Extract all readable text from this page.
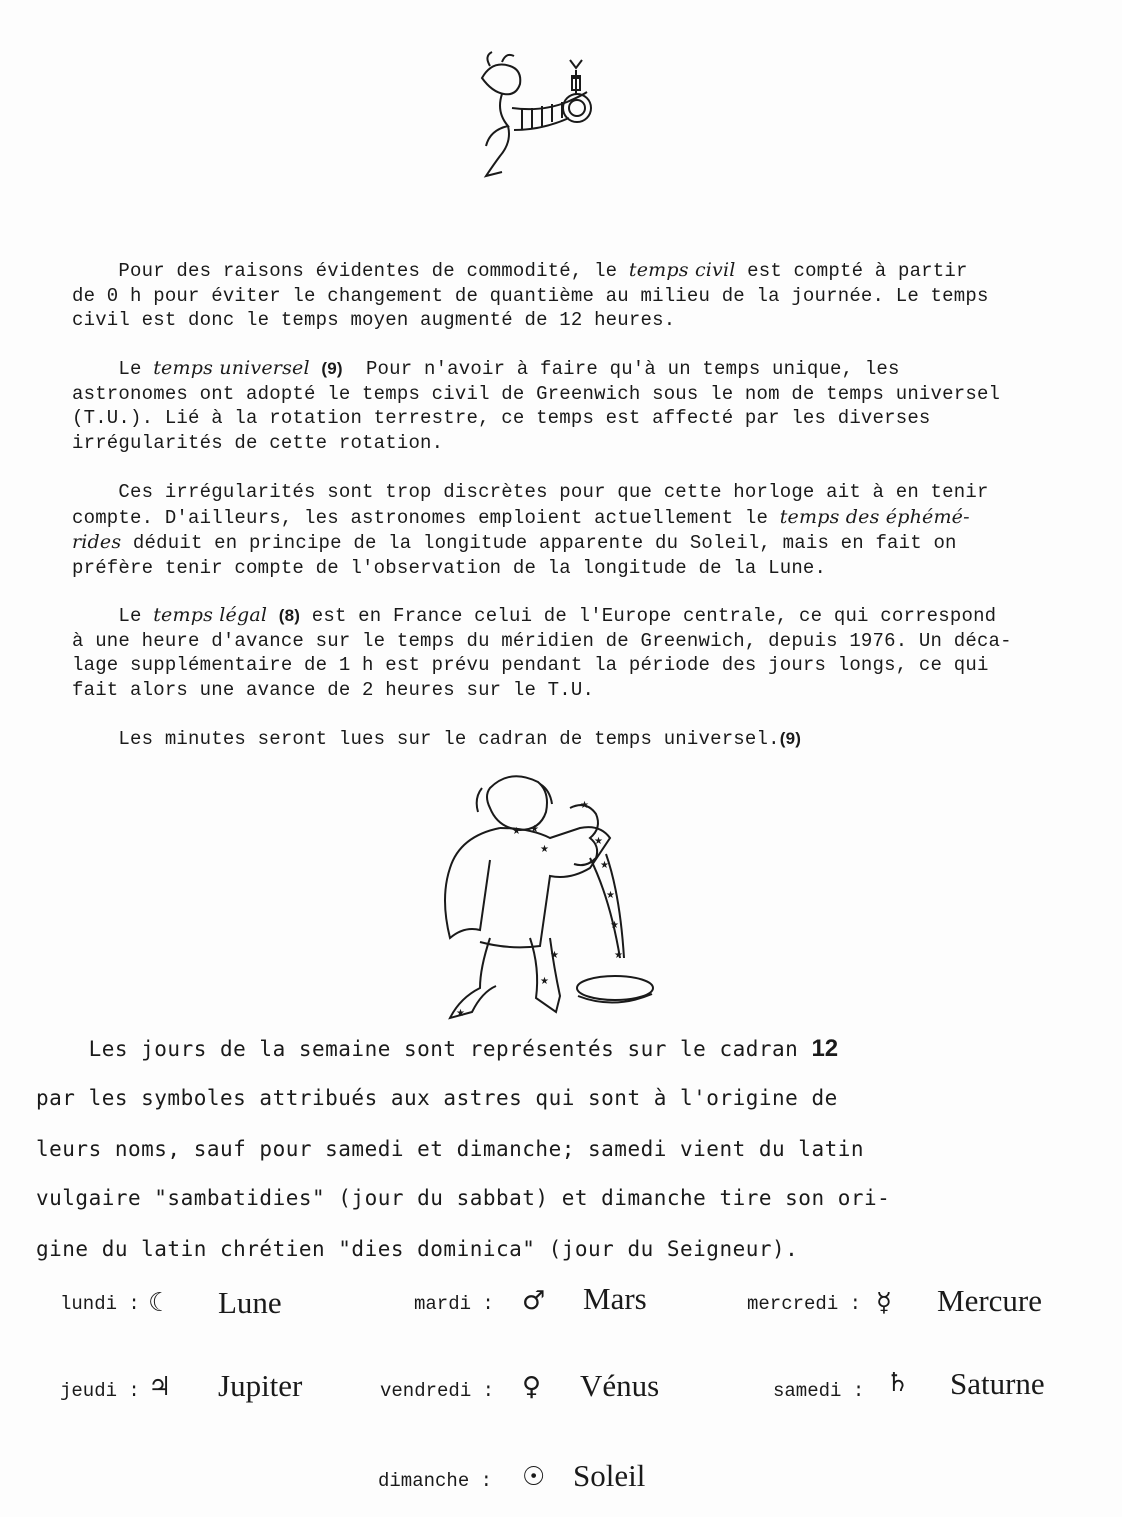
Pour des raisons évidentes de commodité, le temps civil est compté à partir
de 0 h pour éviter le changement de quantième au milieu de la journée. Le temps
civil est donc le temps moyen augmenté de 12 heures.

Le temps universel (9)  Pour n'avoir à faire qu'à un temps unique, les
astronomes ont adopté le temps civil de Greenwich sous le nom de temps universel
(T.U.). Lié à la rotation terrestre, ce temps est affecté par les diverses
irrégularités de cette rotation.

Ces irrégularités sont trop discrètes pour que cette horloge ait à en tenir
compte. D'ailleurs, les astronomes emploient actuellement le temps des éphémé-
rides déduit en principe de la longitude apparente du Soleil, mais en fait on
préfère tenir compte de l'observation de la longitude de la Lune.

Le temps légal (8) est en France celui de l'Europe centrale, ce qui correspond
à une heure d'avance sur le temps du méridien de Greenwich, depuis 1976. Un déca-
lage supplémentaire de 1 h est prévu pendant la période des jours longs, ce qui
fait alors une avance de 2 heures sur le T.U.

Les minutes seront lues sur le cadran de temps universel.(9)

★ ★
★
★
★
★
★
★
★
★
★
★
Les jours de la semaine sont représentés sur le cadran 12
par les symboles attribués aux astres qui sont à l'origine de
leurs noms, sauf pour samedi et dimanche; samedi vient du latin
vulgaire "sambatidies" (jour du sabbat) et dimanche tire son ori-
gine du latin chrétien "dies dominica" (jour du Seigneur).
lundi : ☾ Lune	mardi : ♂ Mars	mercredi : ☿ Mercure
jeudi : ♃ Jupiter	vendredi : ♀ Vénus	samedi : ♄ Saturne
dimanche : ☉ Soleil
